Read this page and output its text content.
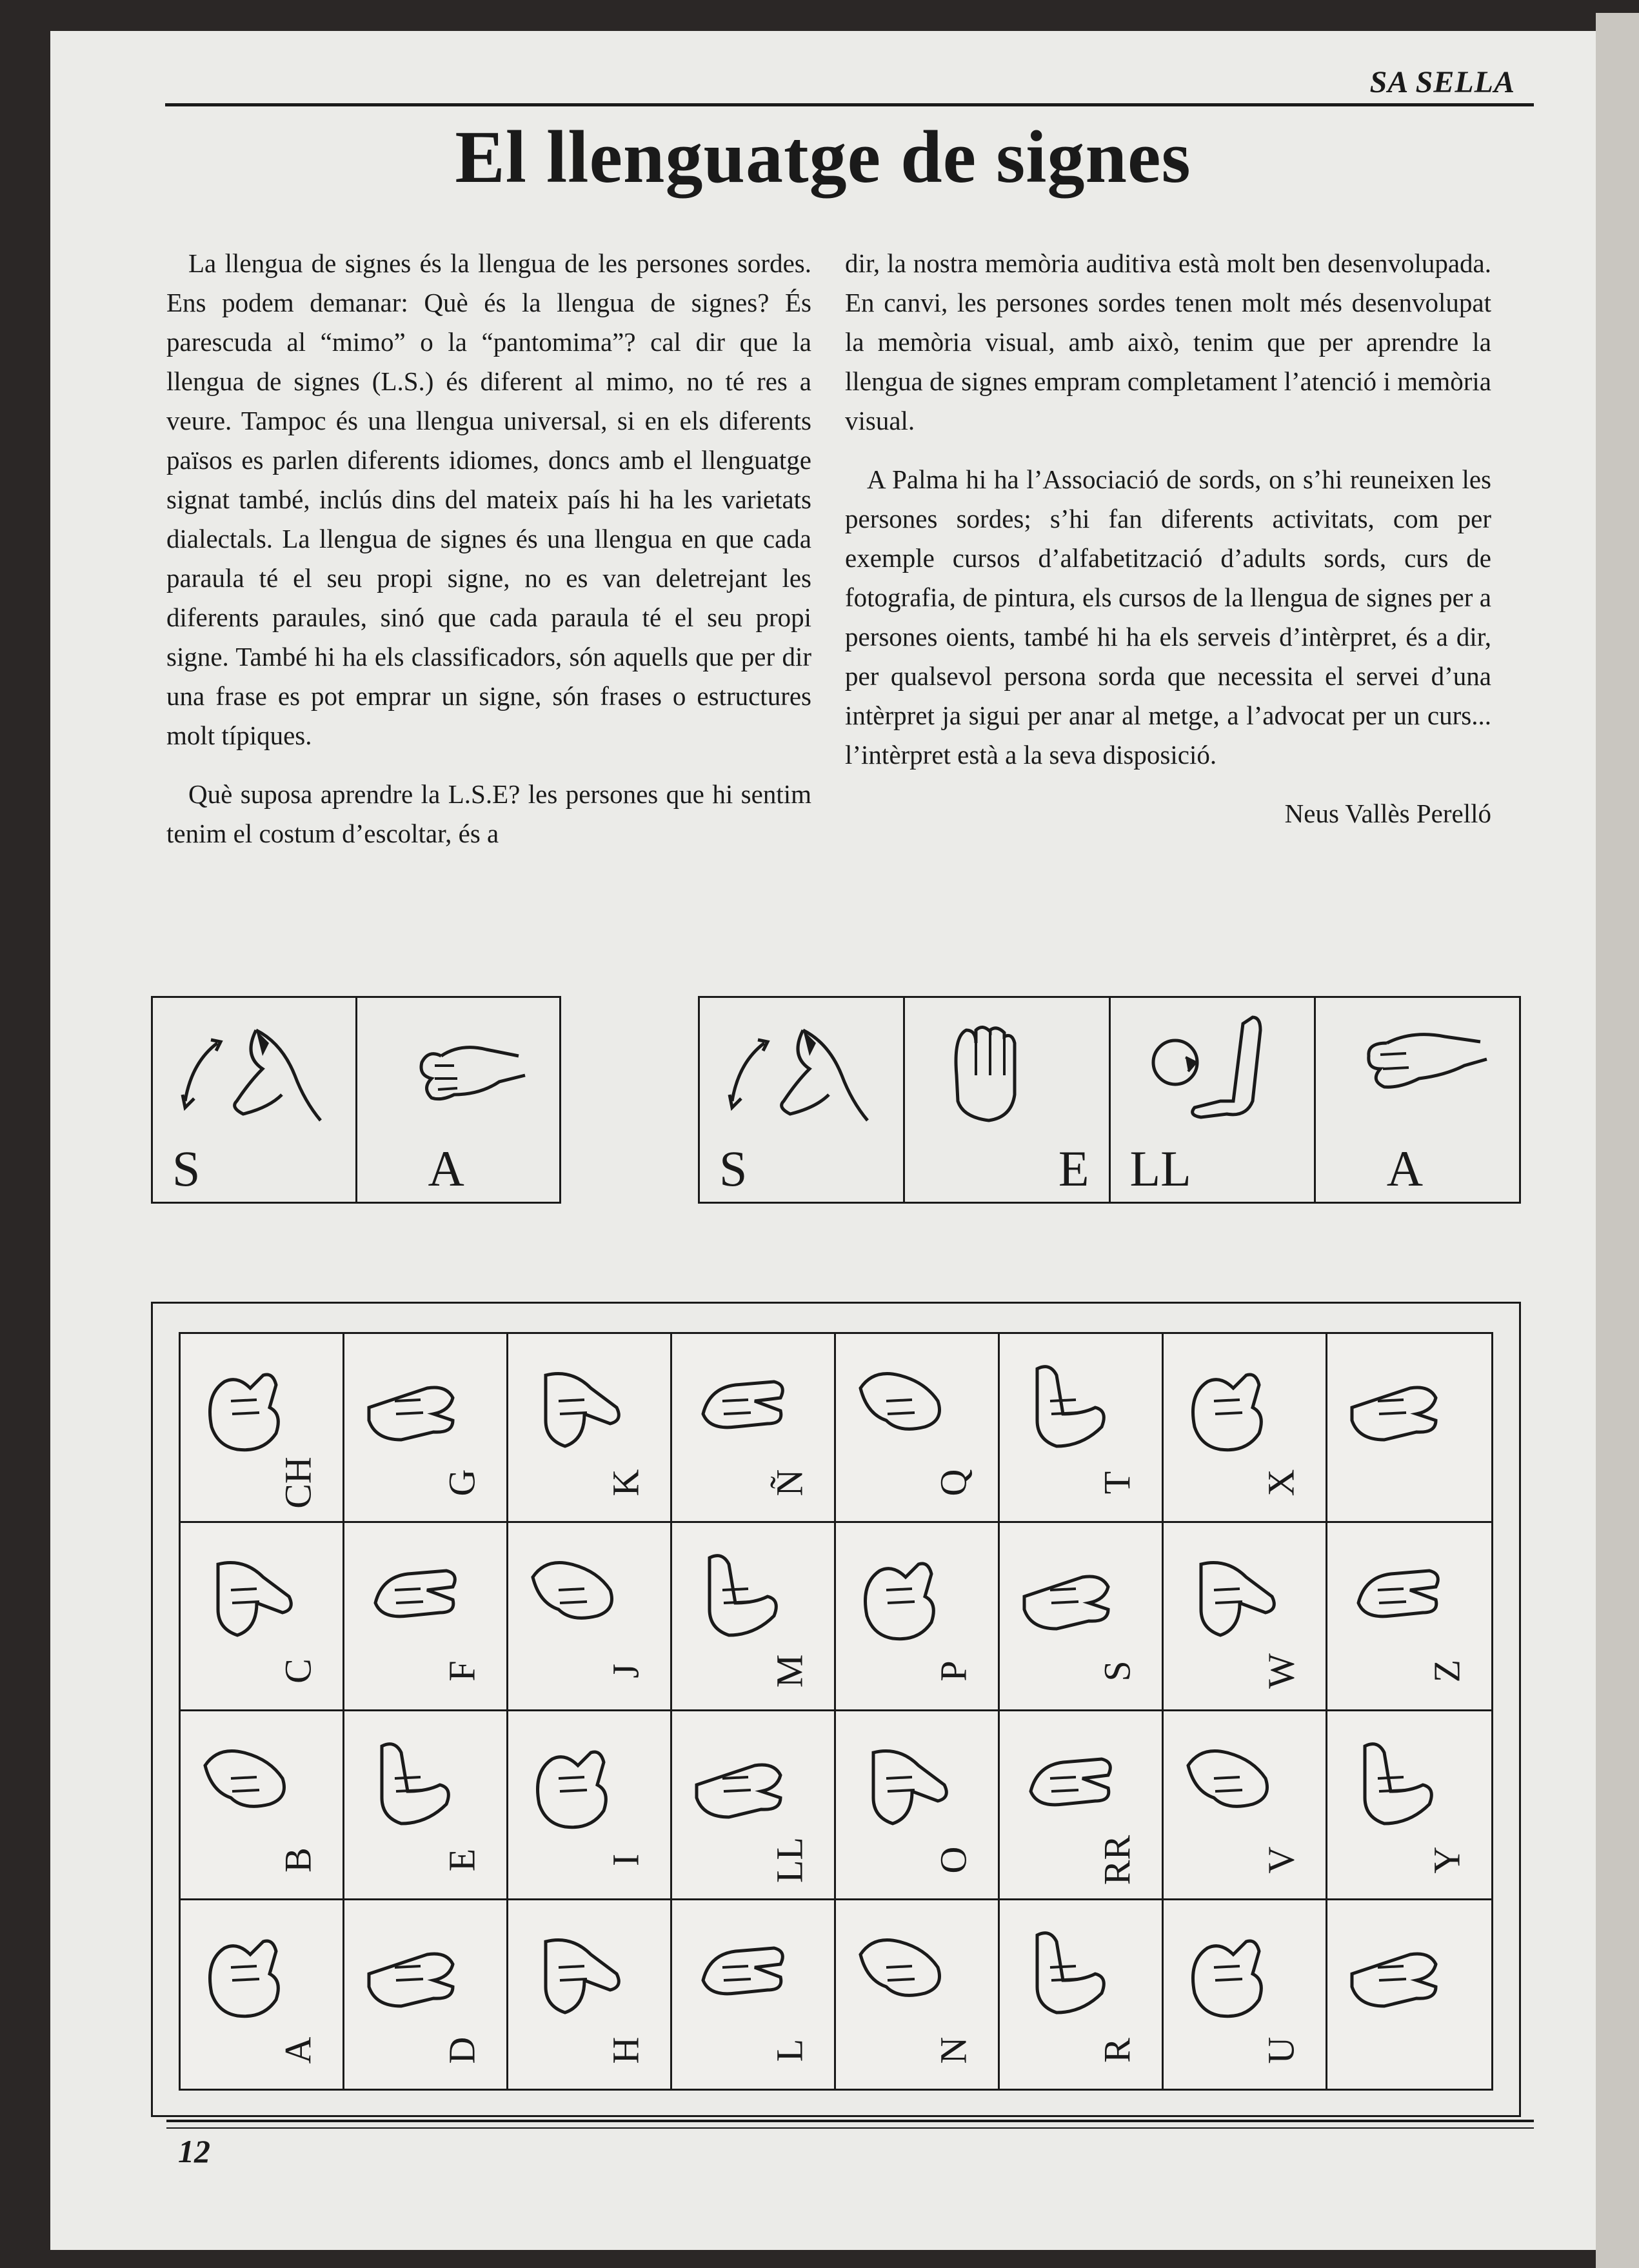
SA SELLA
El llenguatge de signes

La llengua de signes és la llengua de les persones sordes. Ens podem demanar: Què és la llengua de signes? És parescuda al “mimo” o la “pantomima”? cal dir que la llengua de signes (L.S.) és diferent al mimo, no té res a veure. Tampoc és una llengua universal, si en els diferents països es parlen diferents idiomes, doncs amb el llenguatge signat també, inclús dins del mateix país hi ha les varietats dialectals. La llengua de signes és una llengua en que cada paraula té el seu propi signe, no es van deletrejant les diferents paraules, sinó que cada paraula té el seu propi signe. També hi ha els classificadors, són aquells que per dir una frase es pot emprar un signe, són frases o estructures molt típiques.

Què suposa aprendre la L.S.E? les persones que hi sentim tenim el costum d’escoltar, és a

dir, la nostra memòria auditiva està molt ben desenvolupada. En canvi, les persones sordes tenen molt més desenvolupat la memòria visual, amb això, tenim que per aprendre la llengua de signes empram completament l’atenció i memòria visual.

A Palma hi ha l’Associació de sords, on s’hi reuneixen les persones sordes; s’hi fan diferents activitats, com per exemple cursos d’alfabetització d’adults sords, curs de fotografia, de pintura, els cursos de la llengua de signes per a persones oients, també hi ha els serveis d’intèrpret, és a dir, per qualsevol persona sorda que necessita el servei d’una intèrpret ja sigui per anar al metge, a l’advocat per un curs... l’intèrpret està a la seva disposició.

Neus Vallès Perelló

S	A	S	E LL	A
CH	G	K	Ñ	Q	T	X
C	F	J	M	P	S	W	Z
B	E	I	LL	O	RR	V	Y
A	D	H	L	N	R	U
12
